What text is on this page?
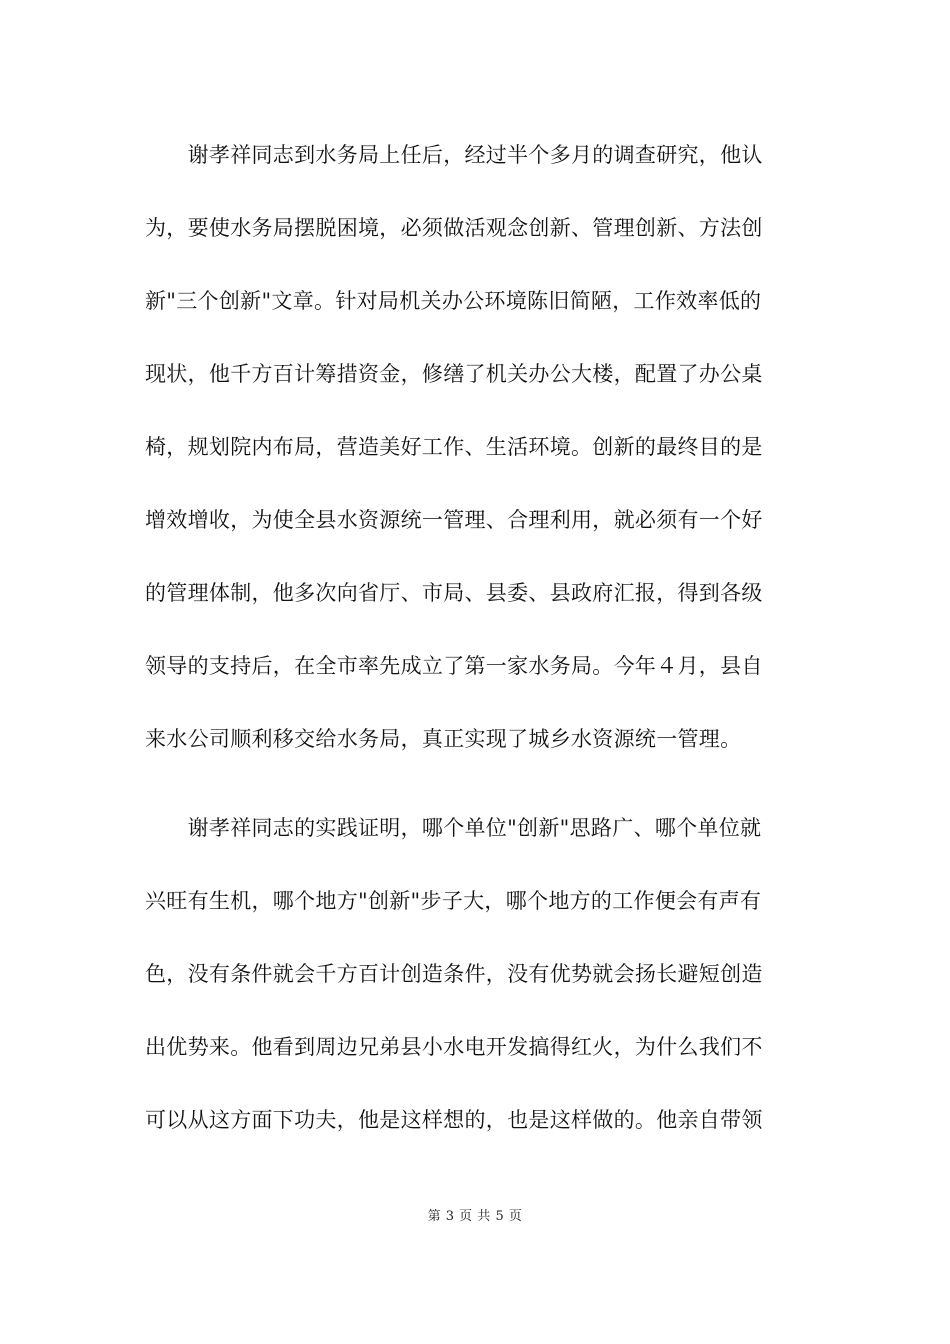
　　谢孝祥同志到水务局上任后，经过半个多月的调查研究，他认
为，要使水务局摆脱困境，必须做活观念创新、管理创新、方法创
新"三个创新"文章。针对局机关办公环境陈旧简陋，工作效率低的
现状，他千方百计筹措资金，修缮了机关办公大楼，配置了办公桌
椅，规划院内布局，营造美好工作、生活环境。创新的最终目的是
增效增收，为使全县水资源统一管理、合理利用，就必须有一个好
的管理体制，他多次向省厅、市局、县委、县政府汇报，得到各级
领导的支持后，在全市率先成立了第一家水务局。今年４月，县自
来水公司顺利移交给水务局，真正实现了城乡水资源统一管理。
　　谢孝祥同志的实践证明，哪个单位"创新"思路广、哪个单位就
兴旺有生机，哪个地方"创新"步子大，哪个地方的工作便会有声有
色，没有条件就会千方百计创造条件，没有优势就会扬长避短创造
出优势来。他看到周边兄弟县小水电开发搞得红火，为什么我们不
可以从这方面下功夫，他是这样想的，也是这样做的。他亲自带领
第 3 页 共 5 页
